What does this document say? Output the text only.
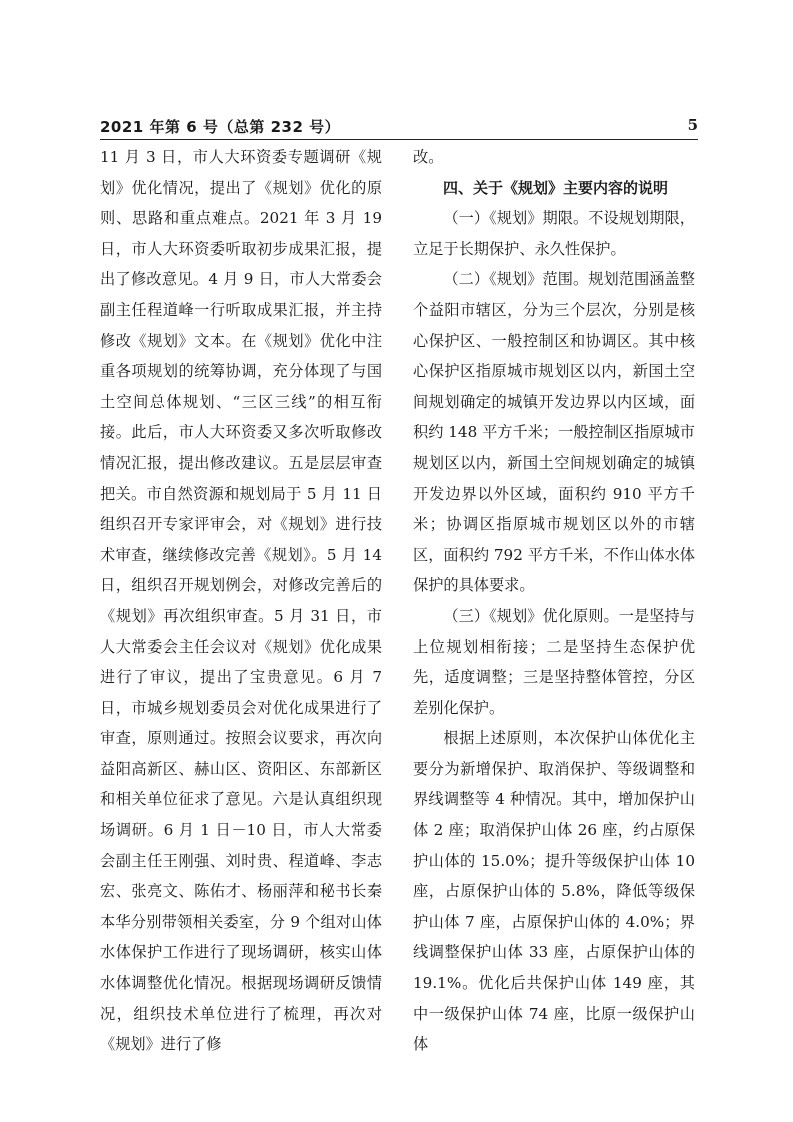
2021 年第 6 号（总第 232 号）	5

11 月 3 日，市人大环资委专题调研《规划》优化情况，提出了《规划》优化的原则、思路和重点难点。2021 年 3 月 19 日，市人大环资委听取初步成果汇报，提出了修改意见。4 月 9 日，市人大常委会副主任程道峰一行听取成果汇报，并主持修改《规划》文本。在《规划》优化中注重各项规划的统筹协调，充分体现了与国土空间总体规划、“三区三线”的相互衔接。此后，市人大环资委又多次听取修改情况汇报，提出修改建议。五是层层审查把关。市自然资源和规划局于 5 月 11 日组织召开专家评审会，对《规划》进行技术审查，继续修改完善《规划》。5 月 14 日，组织召开规划例会，对修改完善后的《规划》再次组织审查。5 月 31 日，市人大常委会主任会议对《规划》优化成果进行了审议，提出了宝贵意见。6 月 7 日，市城乡规划委员会对优化成果进行了审查，原则通过。按照会议要求，再次向益阳高新区、赫山区、资阳区、东部新区和相关单位征求了意见。六是认真组织现场调研。6 月 1 日－10 日，市人大常委会副主任王刚强、刘时贵、程道峰、李志宏、张亮文、陈佑才、杨丽萍和秘书长秦本华分别带领相关委室，分 9 个组对山体水体保护工作进行了现场调研，核实山体水体调整优化情况。根据现场调研反馈情况，组织技术单位进行了梳理，再次对《规划》进行了修

改。

四、关于《规划》主要内容的说明

（一）《规划》期限。不设规划期限，立足于长期保护、永久性保护。

（二）《规划》范围。规划范围涵盖整个益阳市辖区，分为三个层次，分别是核心保护区、一般控制区和协调区。其中核心保护区指原城市规划区以内，新国土空间规划确定的城镇开发边界以内区域，面积约 148 平方千米；一般控制区指原城市规划区以内，新国土空间规划确定的城镇开发边界以外区域，面积约 910 平方千米；协调区指原城市规划区以外的市辖区，面积约 792 平方千米，不作山体水体保护的具体要求。

（三）《规划》优化原则。一是坚持与上位规划相衔接；二是坚持生态保护优先，适度调整；三是坚持整体管控，分区差别化保护。

根据上述原则，本次保护山体优化主要分为新增保护、取消保护、等级调整和界线调整等 4 种情况。其中，增加保护山体 2 座；取消保护山体 26 座，约占原保护山体的 15.0%；提升等级保护山体 10 座，占原保护山体的 5.8%，降低等级保护山体 7 座，占原保护山体的 4.0%；界线调整保护山体 33 座，占原保护山体的 19.1%。优化后共保护山体 149 座，其中一级保护山体 74 座，比原一级保护山体
